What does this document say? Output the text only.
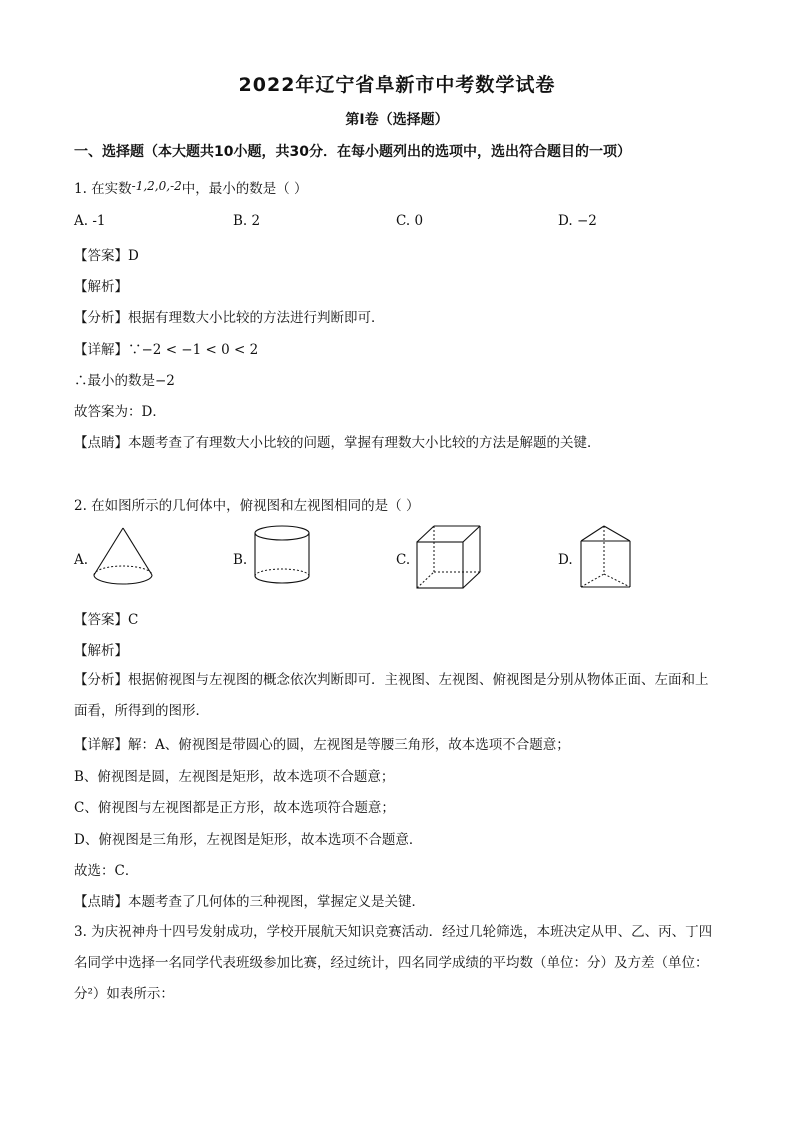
2022年辽宁省阜新市中考数学试卷
第Ⅰ卷（选择题）
一、选择题（本大题共10小题，共30分．在每小题列出的选项中，选出符合题目的一项）
1. 在实数-1,2,0,-2中，最小的数是（ ）
A. -1	B. 2	C. 0	D. −2
【答案】D
【解析】
【分析】根据有理数大小比较的方法进行判断即可．
【详解】∵−2 < −1 < 0 < 2
∴最小的数是−2
故答案为：D．
【点睛】本题考查了有理数大小比较的问题，掌握有理数大小比较的方法是解题的关键．
2. 在如图所示的几何体中，俯视图和左视图相同的是（ ）
A.	B.	C.	D.
【答案】C
【解析】
【分析】根据俯视图与左视图的概念依次判断即可．主视图、左视图、俯视图是分别从物体正面、左面和上面看，所得到的图形．
【详解】解：A、俯视图是带圆心的圆，左视图是等腰三角形，故本选项不合题意；
B、俯视图是圆，左视图是矩形，故本选项不合题意；
C、俯视图与左视图都是正方形，故本选项符合题意；
D、俯视图是三角形，左视图是矩形，故本选项不合题意．
故选：C．
【点睛】本题考查了几何体的三种视图，掌握定义是关键．
3. 为庆祝神舟十四号发射成功，学校开展航天知识竞赛活动．经过几轮筛选，本班决定从甲、乙、丙、丁四名同学中选择一名同学代表班级参加比赛，经过统计，四名同学成绩的平均数（单位：分）及方差（单位：分²）如表所示：
